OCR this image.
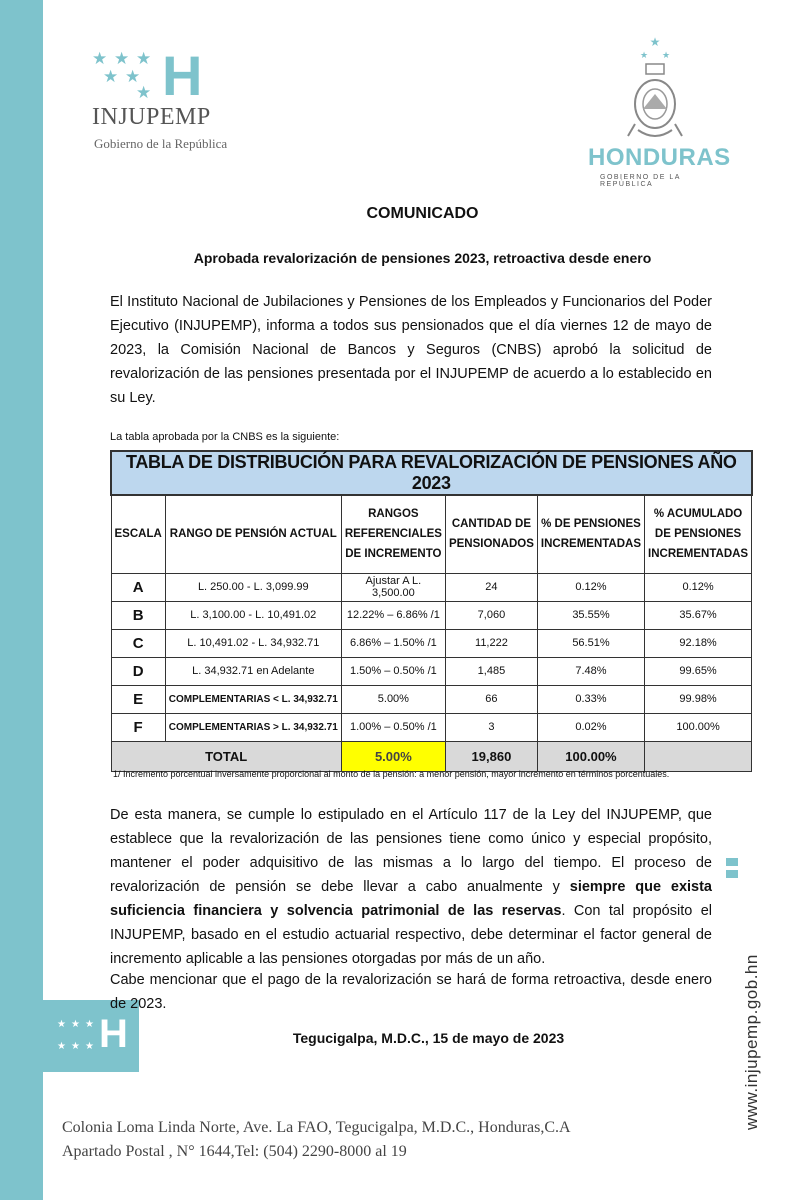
★ ★ ★
★ ★ ★ H
★ ★ ★
★ ★
★ H
INJUPEMP
Gobierno de la República
★
★ ★
HONDURAS
GOBIERNO DE LA REPÚBLICA
COMUNICADO
Aprobada revalorización de pensiones 2023, retroactiva desde enero

El Instituto Nacional de Jubilaciones y Pensiones de los Empleados y Funcionarios del Poder Ejecutivo (INJUPEMP), informa a todos sus pensionados que el día viernes 12 de mayo de 2023, la Comisión Nacional de Bancos y Seguros (CNBS) aprobó la solicitud de revalorización de las pensiones presentada por el INJUPEMP de acuerdo a lo establecido en su Ley.

La tabla aprobada por la CNBS es la siguiente:
TABLA DE DISTRIBUCIÓN PARA REVALORIZACIÓN DE PENSIONES AÑO 2023					
ESCALA	RANGO DE PENSIÓN ACTUAL	RANGOS REFERENCIALES DE INCREMENTO	CANTIDAD DE PENSIONADOS	% DE PENSIONES INCREMENTADAS	% ACUMULADO DE PENSIONES INCREMENTADAS
A	L. 250.00 - L. 3,099.99	Ajustar A L. 3,500.00	24	0.12%	0.12%
B	L. 3,100.00 - L. 10,491.02	12.22% – 6.86% /1	7,060	35.55%	35.67%
C	L. 10,491.02 - L. 34,932.71	6.86% – 1.50% /1	11,222	56.51%	92.18%
D	L. 34,932.71 en Adelante	1.50% – 0.50% /1	1,485	7.48%	99.65%
E	COMPLEMENTARIAS < L. 34,932.71	5.00%	66	0.33%	99.98%
F	COMPLEMENTARIAS > L. 34,932.71	1.00% – 0.50% /1	3	0.02%	100.00%
TOTAL		5.00%	19,860	100.00%	
1/ Incremento porcentual inversamente proporcional al monto de la pensión: a menor pensión, mayor incremento en términos porcentuales.

De esta manera, se cumple lo estipulado en el Artículo 117 de la Ley del INJUPEMP, que establece que la revalorización de las pensiones tiene como único y especial propósito, mantener el poder adquisitivo de las mismas a lo largo del tiempo. El proceso de revalorización de pensión se debe llevar a cabo anualmente y siempre que exista suficiencia financiera y solvencia patrimonial de las reservas. Con tal propósito el INJUPEMP, basado en el estudio actuarial respectivo, debe determinar el factor general de incremento aplicable a las pensiones otorgadas por más de un año.

Cabe mencionar que el pago de la revalorización se hará de forma retroactiva, desde enero de 2023.

Tegucigalpa, M.D.C., 15 de mayo de 2023
Colonia Loma Linda Norte, Ave. La FAO, Tegucigalpa, M.D.C., Honduras,C.A
Apartado Postal , N° 1644,Tel: (504) 2290-8000 al 19
www.injupemp.gob.hn
